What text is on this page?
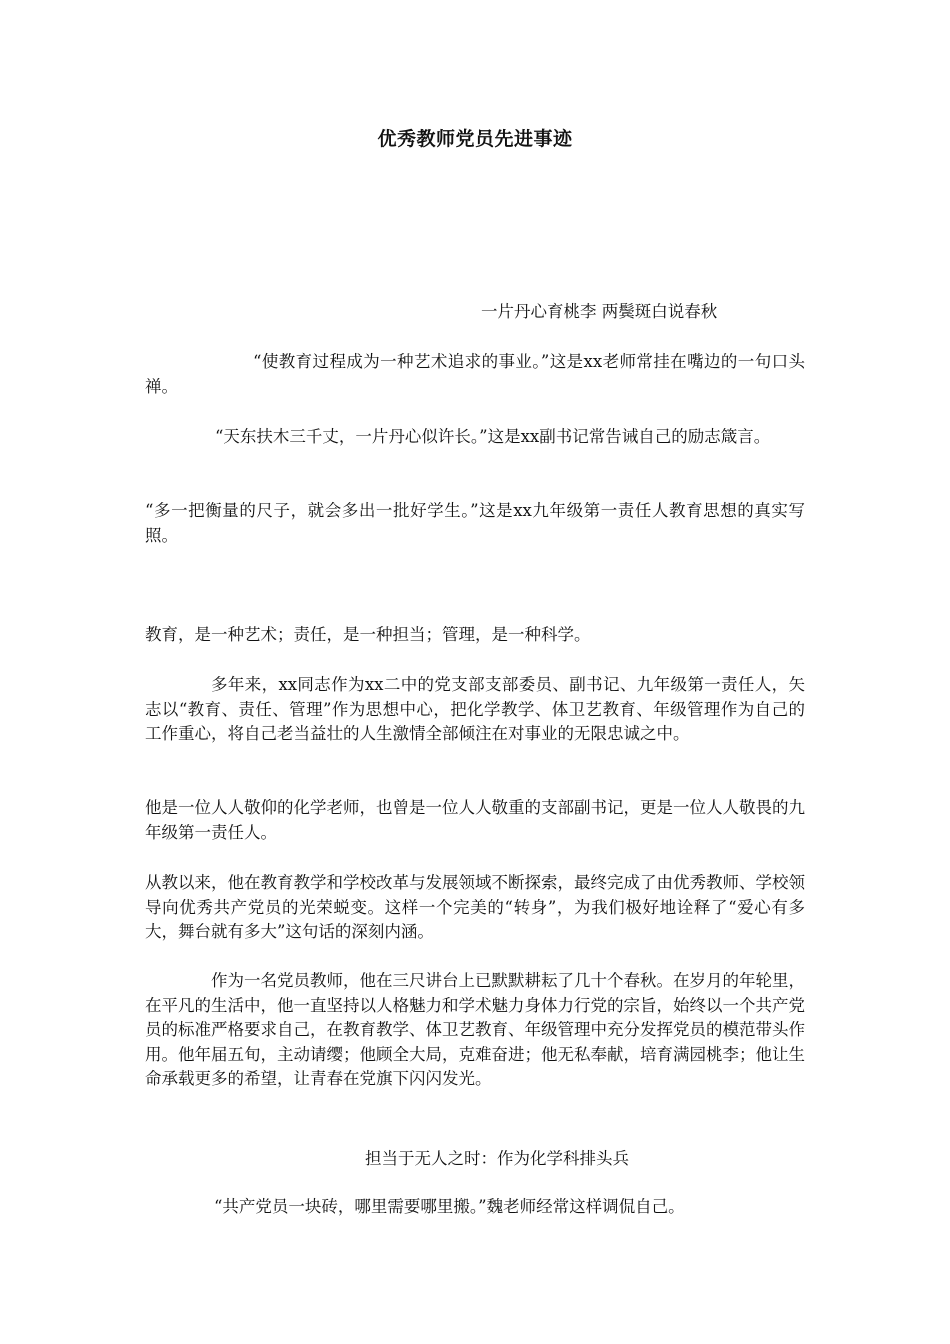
优秀教师党员先进事迹
一片丹心育桃李 两鬓斑白说春秋
“使教育过程成为一种艺术追求的事业。”这是xx老师常挂在嘴边的一句口头禅。
“天东扶木三千丈，一片丹心似许长。”这是xx副书记常告诫自己的励志箴言。
“多一把衡量的尺子，就会多出一批好学生。”这是xx九年级第一责任人教育思想的真实写照。
教育，是一种艺术；责任，是一种担当；管理，是一种科学。
多年来，xx同志作为xx二中的党支部支部委员、副书记、九年级第一责任人，矢志以“教育、责任、管理”作为思想中心，把化学教学、体卫艺教育、年级管理作为自己的工作重心，将自己老当益壮的人生激情全部倾注在对事业的无限忠诚之中。
他是一位人人敬仰的化学老师，也曾是一位人人敬重的支部副书记，更是一位人人敬畏的九年级第一责任人。
从教以来，他在教育教学和学校改革与发展领域不断探索，最终完成了由优秀教师、学校领导向优秀共产党员的光荣蜕变。这样一个完美的“转身”，为我们极好地诠释了“爱心有多大，舞台就有多大”这句话的深刻内涵。
作为一名党员教师，他在三尺讲台上已默默耕耘了几十个春秋。在岁月的年轮里，在平凡的生活中，他一直坚持以人格魅力和学术魅力身体力行党的宗旨，始终以一个共产党员的标准严格要求自己，在教育教学、体卫艺教育、年级管理中充分发挥党员的模范带头作用。他年届五旬，主动请缨；他顾全大局，克难奋进；他无私奉献，培育满园桃李；他让生命承载更多的希望，让青春在党旗下闪闪发光。
担当于无人之时：作为化学科排头兵
“共产党员一块砖，哪里需要哪里搬。”魏老师经常这样调侃自己。
